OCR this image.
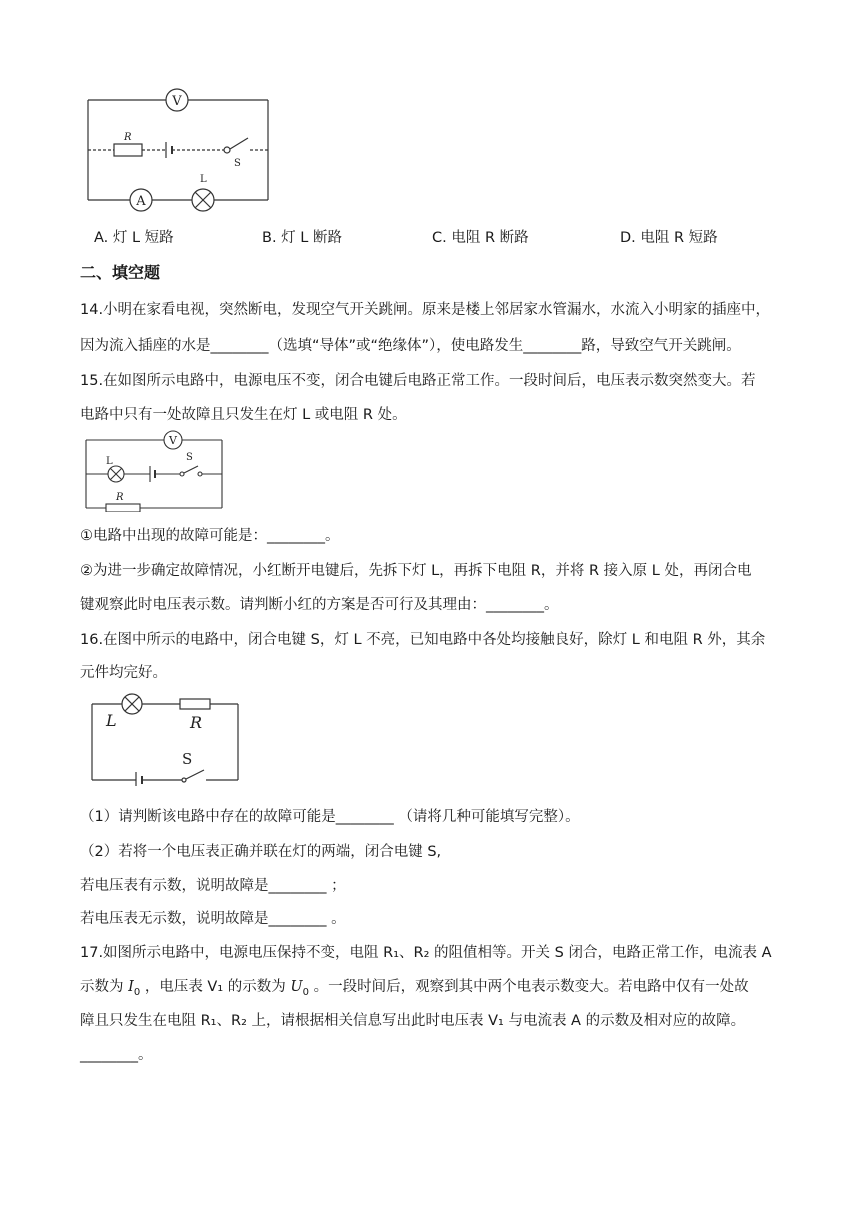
V
R
S
A
L
A. 灯 L 短路	B. 灯 L 断路	C. 电阻 R 断路	D. 电阻 R 短路
二、填空题
14.小明在家看电视，突然断电，发现空气开关跳闸。原来是楼上邻居家水管漏水，水流入小明家的插座中，
因为流入插座的水是________（选填“导体”或“绝缘体”），使电路发生________路，导致空气开关跳闸。
15.在如图所示电路中，电源电压不变，闭合电键后电路正常工作。一段时间后，电压表示数突然变大。若
电路中只有一处故障且只发生在灯 L 或电阻 R 处。
V
L	S
R
①电路中出现的故障可能是：________。
②为进一步确定故障情况，小红断开电键后，先拆下灯 L，再拆下电阻 R，并将 R 接入原 L 处，再闭合电
键观察此时电压表示数。请判断小红的方案是否可行及其理由：________。
16.在图中所示的电路中，闭合电键 S，灯 L 不亮，已知电路中各处均接触良好，除灯 L 和电阻 R 外，其余
元件均完好。
L	R
S
（1）请判断该电路中存在的故障可能是________ （请将几种可能填写完整）。
（2）若将一个电压表正确并联在灯的两端，闭合电键 S,
若电压表有示数，说明故障是________ ；
若电压表无示数，说明故障是________ 。
17.如图所示电路中，电源电压保持不变，电阻 R₁、R₂ 的阻值相等。开关 S 闭合，电路正常工作，电流表 A
示数为 $I_0$ ，电压表 V₁ 的示数为 $U_0$ 。一段时间后，观察到其中两个电表示数变大。若电路中仅有一处故
障且只发生在电阻 R₁、R₂ 上，请根据相关信息写出此时电压表 V₁ 与电流表 A 的示数及相对应的故障。
________。
